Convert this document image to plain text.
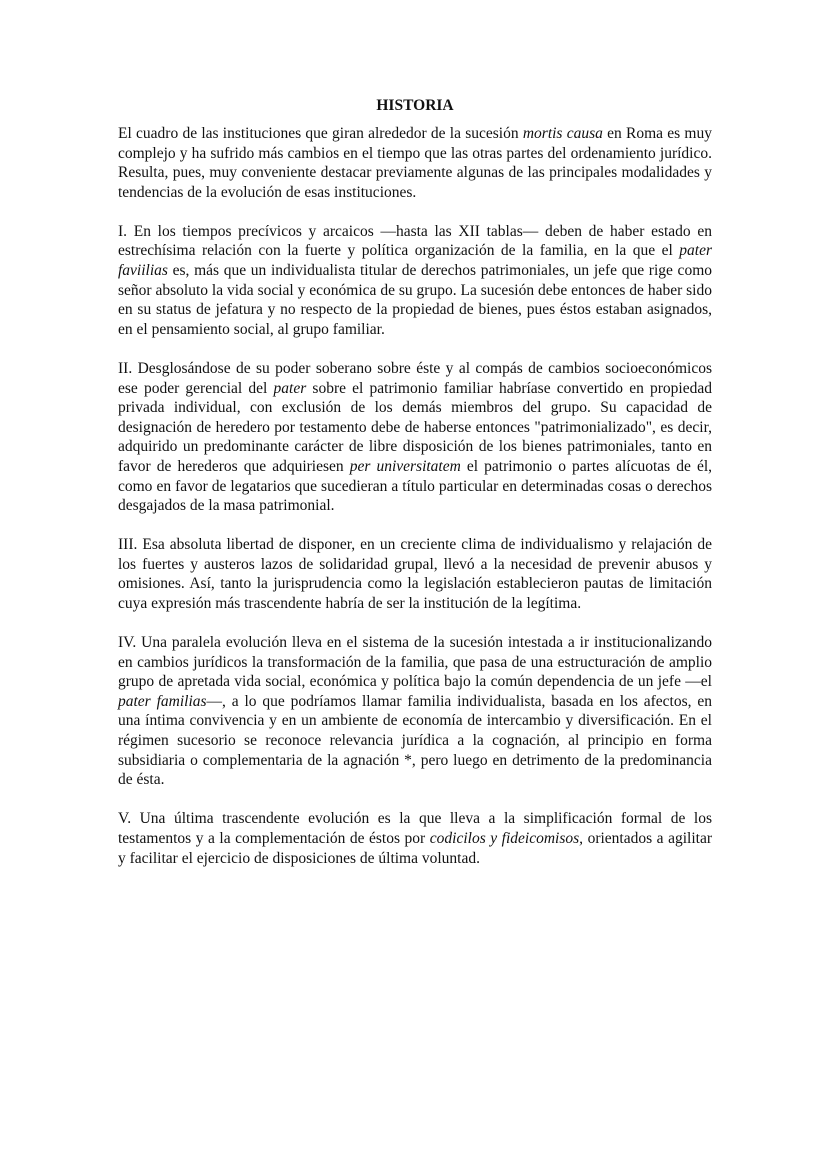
HISTORIA

El cuadro de las instituciones que giran alrededor de la sucesión mortis causa en Roma es muy complejo y ha sufrido más cambios en el tiempo que las otras partes del ordenamiento jurídico. Resulta, pues, muy conveniente destacar previamente algunas de las principales modalidades y tendencias de la evolución de esas instituciones.

I. En los tiempos precívicos y arcaicos —hasta las XII tablas— deben de haber estado en estrechísima relación con la fuerte y política organización de la familia, en la que el pater faviilias es, más que un individualista titular de derechos patrimoniales, un jefe que rige como señor absoluto la vida social y económica de su grupo. La sucesión debe entonces de haber sido en su status de jefatura y no respecto de la propiedad de bienes, pues éstos estaban asignados, en el pensamiento social, al grupo familiar.

II. Desglosándose de su poder soberano sobre éste y al compás de cambios socioeconómicos ese poder gerencial del pater sobre el patrimonio familiar habríase convertido en propiedad privada individual, con exclusión de los demás miembros del grupo. Su capacidad de designación de heredero por testamento debe de haberse entonces "patrimonializado", es decir, adquirido un predominante carácter de libre disposición de los bienes patrimoniales, tanto en favor de herederos que adquiriesen per universitatem el patrimonio o partes alícuotas de él, como en favor de legatarios que sucedieran a título particular en determinadas cosas o derechos desgajados de la masa patrimonial.

III. Esa absoluta libertad de disponer, en un creciente clima de individualismo y relajación de los fuertes y austeros lazos de solidaridad grupal, llevó a la necesidad de prevenir abusos y omisiones. Así, tanto la jurisprudencia como la legislación establecieron pautas de limitación cuya expresión más trascendente habría de ser la institución de la legítima.

IV. Una paralela evolución lleva en el sistema de la sucesión intestada a ir institucionalizando en cambios jurídicos la transformación de la familia, que pasa de una estructuración de amplio grupo de apretada vida social, económica y política bajo la común dependencia de un jefe —el pater familias—, a lo que podríamos llamar familia individualista, basada en los afectos, en una íntima convivencia y en un ambiente de economía de intercambio y diversificación. En el régimen sucesorio se reconoce relevancia jurídica a la cognación, al principio en forma subsidiaria o complementaria de la agnación *, pero luego en detrimento de la predominancia de ésta.

V. Una última trascendente evolución es la que lleva a la simplificación formal de los testamentos y a la complementación de éstos por codicilos y fideicomisos, orientados a agilitar y facilitar el ejercicio de disposiciones de última voluntad.
